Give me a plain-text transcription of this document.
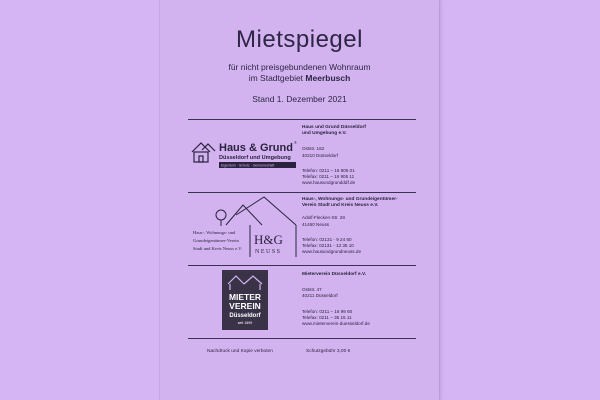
Mietspiegel
für nicht preisgebundenen Wohnraum
im Stadtgebiet Meerbusch
Stand 1. Dezember 2021
Haus & Grund ®
Düsseldorf und Umgebung
Eigentum · Schutz · Gemeinschaft
Haus und Grund Düsseldorf
und Umgebung e.V.
Oststr. 162
40210 Düsseldorf
Telefon: 0211 – 16 905 01
Telefax: 0211 – 16 905 11
www.hausundgrundddf.de
Haus-, Wohnungs- und
Grundeigentümer-Verein
Stadt und Kreis Neuss e.V.
H&G
NEUSS
Haus-, Wohnungs- und Grundeigentümer-
Verein Stadt und Kreis Neuss e.V.
Adolf-Flecken-Str. 28
41460 Neuss
Telefon: 02131 - 9 24 60
Telefax: 02131 - 13 35 10
www.hausundgrundneuss.de
MIETER
VEREIN
Düsseldorf
seit 1899
Mieterverein Düsseldorf e.V.
Oststr. 47
40211 Düsseldorf
Telefon: 0211 – 16 99 60
Telefax: 0211 – 35 15 11
www.mieterverein-duesseldorf.de
Nachdruck und Kopie verboten	Schutzgebühr 3,00 €
